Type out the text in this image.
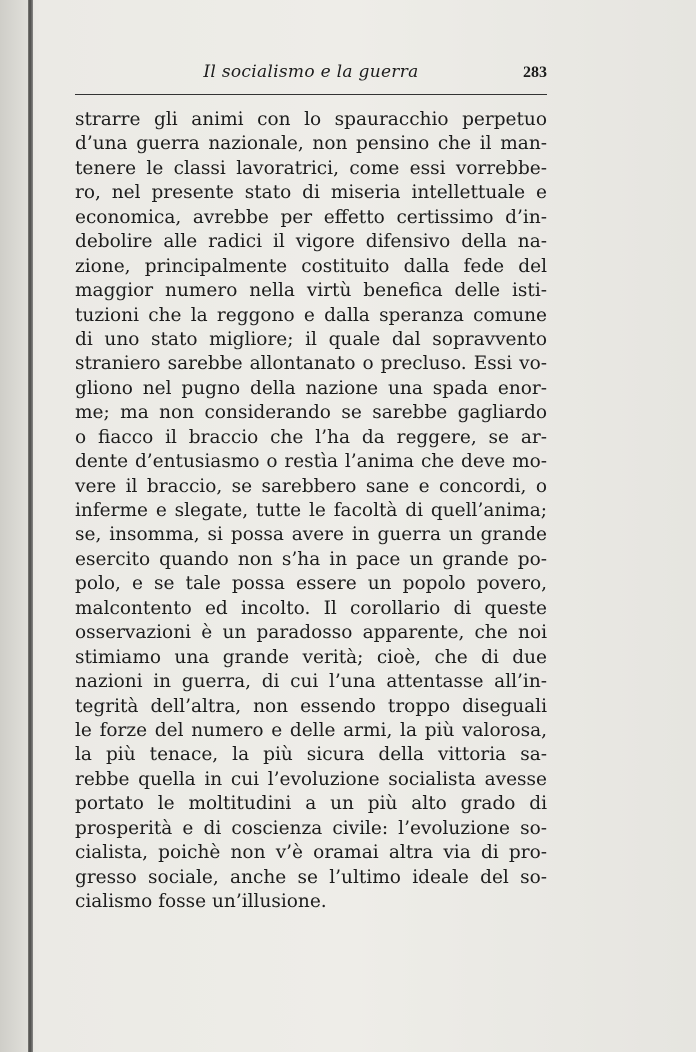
Il socialismo e la guerra	283
strarre gli animi con lo spauracchio perpetuo
d’una guerra nazionale, non pensino che il man-
tenere le classi lavoratrici, come essi vorrebbe-
ro, nel presente stato di miseria intellettuale e
economica, avrebbe per effetto certissimo d’in-
debolire alle radici il vigore difensivo della na-
zione, principalmente costituito dalla fede del
maggior numero nella virtù benefica delle isti-
tuzioni che la reggono e dalla speranza comune
di uno stato migliore; il quale dal sopravvento
straniero sarebbe allontanato o precluso. Essi vo-
gliono nel pugno della nazione una spada enor-
me; ma non considerando se sarebbe gagliardo
o fiacco il braccio che l’ha da reggere, se ar-
dente d’entusiasmo o restìa l’anima che deve mo-
vere il braccio, se sarebbero sane e concordi, o
inferme e slegate, tutte le facoltà di quell’anima;
se, insomma, si possa avere in guerra un grande
esercito quando non s’ha in pace un grande po-
polo, e se tale possa essere un popolo povero,
malcontento ed incolto. Il corollario di queste
osservazioni è un paradosso apparente, che noi
stimiamo una grande verità; cioè, che di due
nazioni in guerra, di cui l’una attentasse all’in-
tegrità dell’altra, non essendo troppo diseguali
le forze del numero e delle armi, la più valorosa,
la più tenace, la più sicura della vittoria sa-
rebbe quella in cui l’evoluzione socialista avesse
portato le moltitudini a un più alto grado di
prosperità e di coscienza civile: l’evoluzione so-
cialista, poichè non v’è oramai altra via di pro-
gresso sociale, anche se l’ultimo ideale del so-
cialismo fosse un’illusione.
